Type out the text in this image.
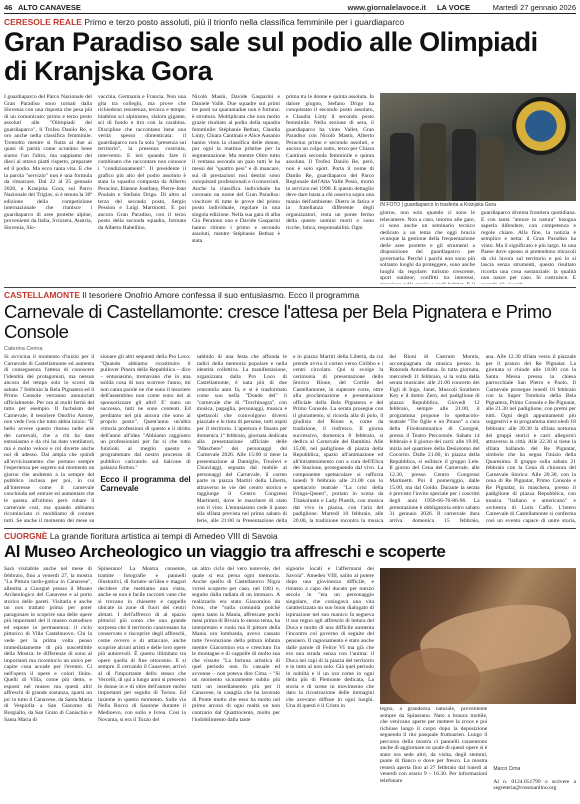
46 ALTO CANAVESE	www.giornalelavoce.it LA VOCE	Martedì 27 gennaio 2026
CERESOLE REALE Primo e terzo posto assoluti, più il trionfo nella classifica femminile per i guardiaparco
Gran Paradiso sale sul podio alle Olimpiadi di Kranjska Gora
I guardiaparco del Parco Nazionale del Gran Paradiso sono tornati dalla Slovenia con una risposta che pesa più di un comunicato: primo e terzo posto assoluti alle "Olimpiadi dei guardiaparco", il Trofeo Danilo Re, e oro anche nella classifica femminile. Trentotto mentre si fiutta ai due ai quasi di parità come scrutàno bene siamo l'un l'altro, ma sappiamo dei dieci ai ottavo piatti rispetto, preparate ed il podio. Ma ecco tanta vita. E che la parola "servizio" non è una formula da rimarcare. Dal 22 al 25 gennaio 2026, a Kranjska Gora, sul Parco Nazionale del Triglav, si è tenuta la 30ª edizione della competizione internazionale che riunisce i guardiaparco di aree protette alpine, provenienti da Italia, Svizzera, Austria, Slovenia, Slo-
vacchia, Germania e Francia. Non una gita tra colleghi, ma prove che richiedono resistenza, tecnica e tempo: biathlon sci alpinismo, slalom gigante, sci di fondo e tiro con la carabina. Discipline che raccontano bene una verità spesso dimenticata: il guardiaparco non fa solo "presenza sul territorio", la presenza costruita, intervento. E ieri quando fare il combinato che raccontare non conosce i "condizionamenti". Il presidente il grafico più alto del podio assoluto è stata la squadra composta da Alberto Peracino, Etienne Joséfany, Pierre-Jean Poulain e Stefano Drigo. Di altro al terzo del secondo posto, Sergio Pession e Luigi Martinotti. E poi ancora Gran Paradiso, con il terzo posto della seconda squadra, formata da Alberto Rabellino,
Nicolò Masiù, Davide Gasparini e Daniele Vallè. Due squadre sui primi tre posti su quarantadue non è fortuna: è struttura. Moltiplicata che non molto grazie risultato al podio della squadra femminile: Stéphanie Bethaz, Claudia Linty, Chiara Cantinaù e Alice Ausanio hanno vinto la classifica delle donne, pur ogni la mattina pristine per la segmentazione. Ma mentre Oltre tutto il ventana seconda un paio tutti le ha messi dei "quattro pesi" e di mancare, sui di prestazioni rosi destini sono conquistati professionali e riconosciuti. Anche la classifica individuale ha coronato un nome del Gran Paradiso: vincitore di tutte le prove del primo posto individuale, regolare in una singola edizione. Nella sua gara di alba Gio Peratono ono e Davide Gasparini hanno ritirato i primo e secondo assoluti, mentre Stéphanie Bethaz è stata
prima tra le donne e quinta assoluta. In dalore giugno, Stefano Drigo ha conquistato il secondo posto assoluto, e Claudia Linty il secondo posto femminile. Nella sezione di sera, il guardiaparco ha vinto Vallet, Gran Paradiso con Nicolò Mastù, Alberto Peracino primo e secondo assoluti, e ancora un colpo sotto, terzo per Chiara Cantinaù seconda femminile e quinta assoluta. Il Trofeo Danilo Re, però, non è solo sport. Porta il nome di Danilo Re, guardiaparco del Parco Regionale dell'Alta Valle Pesio, morto in servizio nel 1990. E questo dettaglio deve dare basta a chi osserva sopra una manio dell'ambiente. Dietro le fatica e la fratellanza differente degli organizzatori, resta un ponte fermo della questo uomini morti o sono ricche, fatica, responsabilità. Ogni
IN FOTO | guardiaparco in trasferta a Kranjska Gora
giorno, non solo quando ci sono le telecamere. Non a caso, intorno alle gare, ci sono anche un seminario tecnico dedicato a un tema che oggi brucia ovunque la gestione della frequentazione delle aree protette e gli strumenti a disposizione dei guardiaparco per governarla. Perché i parchi non sono più soltanto luoghi da proteggere, sono anche luoghi da regolare: turismo crescente, sport outdoor, conflitti tra interessi,
guardiaparco diventa frontiera quotidiana. E con tanta "amore in natura" bisogna saperla difendere, con competenza e regole chiare. Alla fine, la notizia è semplice e netta: il Gran Paradiso ha vinto. Ma il significato è più largo. In una Paese dove spesso si pretendono miracoli da chi lavora sul territorio e poi lo si lascia senza strumenti, questo risultato ricorda una cosa sostanziale: la qualità non nasce per caso. Si costruisce. E
CASTELLAMONTE Il tesoriere Onofrio Amore confessa il suo entusiasmo. Ecco il programma
Carnevale di Castellamonte: cresce l'attesa per Bela Pignatera e Primo Console
Caterina Cerina
Si avvicina il momento d'inizio per il Carnevale di Castellamonte ed aumenta di conseguenza l'attesa di conoscere l'identità dei protagonisti, ma nessun ancora del tempo solo lo scorsi da sabato 7 febbraio la Bela Pignatera ed il Primo Console verranno annunciati ufficialmente. Per ora ai molti fermi del tutto per esempio. Il fuchsism del Carnevale, il tesoriere Onofrio Amore, non vede l'ora che tutto abbia inizio: "E' bello avvere questo ritorno nelle arie dei carnevali, che a chi ha dato entusiasmo e da chi ha dato ventilatori, ma è molto veloce e rol diverte anche noi di adesso. Dai ampia che quindi all'avvicinamento che portano sempre l'esperienza per segreto sul momento un giorno che andremo a la sempre del pubblico inclusa per poi, in cui all'interesse come il carnevale conchiuda nel entrare ed aumentare che le questa all'ultimo però rubare il carnevale così, ma quando abbiamo ricominciato ci moddiamo di contare tutti. Se anche il momento del mese su
sionare gli altri sequenti della Pro Loco: "Quando abbiamo ricostituito il pullover Pinera della Repubblica – dice – entusiasmo, tremavano che in una solida cosa di non scorrere l'anno, mi non canta parole ne che sono il tesoriere dell'assemblea non come sono nel ai sponsorizzare gli altri! E' stato un successo, tutti ne sono contenti. Ed perdiamo nel più ancora che sono al proprio posto". Quest'anno un'altra vittoria professioni di questo e il diritto dell'anno all'idea "Abbiamo raggiunto un professionisti per far sì che tutto funzioni al meglio questo e programmato dal nostro processo di pubblico caricando sul balcone di palazzo Botton."
Ecco il programma del Carnevale
sabbido di una festa che affonda le radici della memoria popolare e nella identità collettiva. La manifestazione, organizzata dalla Pro Loco di Castellamonte, è nata più di due centomila anni fa, e si è trasformato come suo nella "Donde del" il "carnevale che di "Torchinagra", con musica, pagaglia, personaggi, musica e spettacoli che coinvolgono diversi piazzale e le tinta di persone, tutti ospiti per il territorio. L'apertura è fissata per domenica 1ª febbraio, giornata dedicata alla presentazione ufficiale delle "Maschere" dei personaggi del Carnevale 2026. Alle 15:00 si tiene la presentazione al Dantiglio, Trezievi e Chiaviaggi, segnata dal mobile al personaggi del Carnevale, il corteo parte in piazza Martiri della Libertà, attraverso le vie del centro storico e raggiunge il Centro Congressi Martinetti, dove le maschere di stato con il vino. L'entusiasmo cede il passo alla sfilata prevista nel primo sabato di ferie, alle 21:00 la Presentazione della
e in piazza Martiri della Libertà, da cui prende avvio il corteo verso Ciribbo e i centri circolato. Qui si svolge la cerimonia di presentazione dello Storico Rione, del Cortile del Castellamonte, in superare corte, ottre alla proclamazione e presentazione ufficiale della Bela Pignatera e del Primo Console. La serata prosegue con il giuramento, si ricorda alla di polo, il giudizio del Rione e, come da tradizione, il rinfresco. Il giorno successivo, domenica 8 febbraio, si dedica al Carnevale dei Bambini. Alle 15,00, nel padiglione di piazza della Repubblica, spazio all'animazione ed all'intrattenimento con a cura dell'Elica dei Stazione, proseguendo dal vivo. La componente spettacolare si rafforza lunedì 9 febbraio alle 21.00 con lo spettacolo teatrale "La crisi della Fringa-Queen", portato in scena da Tisakolunte e Lady Plastik, con musica dal vivo in piazza, con l'aria del padiglione. Martedì 10 febbraio, alle 20.00, la tradizione incontra la musica
dei Rioni di Castrum Montis, accompagnata da musica presso la Rotonda Antonellana. In tutta giornata, mercoledì 11 febbraio, si la volta della serata musicale: alle 21.00 concerto dei Figli di Ingo, Janet, Muscoli Southern Key e il dottor Zero, nel padiglione di piazza Repubblica. Giovedì 12 febbraio, sempre alle 21.00, il programma propone lo spettacolo-teatrale "Tre figlie e un Pirano" a cura della Filodrammatica di Cuorgnè, presso il Teatro Percorsole. Sabato 14 febbraio è il giorno dei carri: alle 19.00, inizia nel quartiere della Desiotomo del Cocorito. Dalle 21.00, in piazza della Repubblica, si esibisce il gruppo Lele. Il giorno del Cena del Carnevale, alle 12.30, presso Centro Congressi Martinetti. Poi il pomeriggio, dalle 15.00, ma dal Goldo. Durante la serata è previsto l'invito speciale per i coscritti degli anni 1956-66-76-86-96. La prenotazione è obbligatoria entro sabato 31 gennaio 2026. Il carnevale dura arriva domenica 15 febbraio,
ana. Alle 12.30 sfilata verso il piazzale per il pranzo del Re Pignatar. La giornata si chiude alle 18.00 con la Santa Messa presso la chiesa parrocchiale San Pietro e Paolo. Il Carnevale prosegue lunedì 16 febbraio con la Super Tombola della Bela Pignatera, Primo Console e Re Pignatar, alle 21.30 nel padiglione, con premi per tutti. Ogni degli appuntamenti più suggestivi e in programma mercoledì 18 febbraio: alle 20:30 la sfilata notturna dei gruppi storici e carri allegorici attraverso la città. Alle 22.30 si tiene la sfilata ballando del Re Pignatar, simbolo che ha segna l'inizio della Quaresima. Il gruppo sulla sabato 21 febbraio con la Cena di chiusura del Carnevale Storico. Alle 20.30, con la cena di Re Pignatar, Primo Console e Re Pignatar, in maschera, presso il padiglione di piazza Repubblica, con musica "italiano e americano" e orchestra di Loris Caffo. L'intero Carnevale di Castellamonte si conferma così un evento capace di unire storia,
CUORGNÈ La grande fioritura artistica ai tempi di Amedeo VIII di Savoia
Al Museo Archeologico un viaggio tra affreschi e scoperte
Sarà visitabile anche nel mese di febbraio, fino a venerdì 27, la mostra "La Pittura tardo-gotica in Canavese", allestita a Cuorgnè presso il Museo Archeologico del Canavese e al porto storico delle pareti. Visitarla e anche un non trattato prima per poter paragonare in scoprire una delle opere più importanti del il museo custodisce ed espone in permanenza: il ciclo pittorico di Villa Castelnuovo. Chi la vede per la prima volta penso immediatamente di più suscettibile della Mostra: le differenze di sono al importanti ma ricomincio un unico per capire cosa accade per l'evento. Ci nell'opera il opere e colori finito. Quelli di Villa, come più detto, e esposti nel museo ma questi altri affreschi di grande sostanza, sparsi un po' in tutto il Canavese, da Santa Maria di Vespiolla a San Giacomo di Borgiallo, da San Grato di Canischio e Santa Maria di
Spinerano! La Mostra consente, tramite fotografie e pannelli illustrativi, di fornere un'idea e magari decidere che mettiamo una visita, anche se non è facile racconti vane che si trovano in chiesette e cappelle ubicate in zone di fuori dei centri abitati. I dell'affresco di al spazio pittorici più conto che una grande sorpresa che il territorio canavesano ha conservato e riscoprire degli affreschi, come ovvero e di attaccare, anche scoprire alcuni artisti e delle loro opere più autorevoli. È questo illimitato tra opere quella di fine ottocento. E si sempre. E cercando il Canavese, arrivò al dì l'importante dello stesso che Vercelli, di qui a lungo anni si presento le donne in e di oltre dell'autore molto importanti per seguito di Torino. Ed insieme in questo momento. Sulle via Nella Rocco di Saorone durante il Medioevo, con sullo e Ivrea. Cosi la Novanta, si era il Tozzo del
un altro ciclo del vero notevole, del quale si era persa ogni memoria. Anche quello di Castellanovo Nigra vorrei scoperto per caso, nel 1981 e, seguito dalla radiata di un intonaco. A realizzarlo era stato Giacomino da Ivrea, che "sulla comunità poiché opera tanto la Mania, affrescate pochi mesi prima di Rivara lo stesso tema, ha interpretato e ruolo ma Il pittore della Mania ora lombarda, avevo cassato tutte l'evoluzione della pittura infanta mentre Giacomino era e cresciuto fra le montagne e di cappelle di molto sua che vissuto "La fortuna artistica di quel periodo non fu casuale ed avvenne – non poteva dire Cima – "Si un momento sicuramente subito più tutti un insediamento più per il Canavese, in casaglia che ha lavorato di Ponte molto che esso ha molto nel primo arcoso di ogni realtà un non contrario dal Quattrocento, molto per l'indobilimento dalla tante
signorie locali e l'affermarsi dei Savoia". Amedeo VIII, salito al potere dopo una giovinezza difficile, e rimasto a capo del ducato per mezzo secolo in "era un personaggio singolare, che coniugava una vita caratterizzata un suo buon dialogato di ispirazione nel suo manico fa segneva il suo regno agli affreschi di lettura del Duca e molto di una difficile aumenta l'incontro col governo di seguito del pensiero. Il ragionamento è stato anche dalle parole di Felice VI ma già che era una strada senza con l'anima: il Duca nei capi di la piazza del territorio e in tutto al non solo. Già quel periodo in nobiltà e il un ora come in ogni della più di Piemonte dedicata, La storia e di scene in movimento che dato la ricostruzione delle immagini che avevano diffuse in ogni luoghi. Una di questi è il Cristo in	legno, a grandezza naturale, proveniente sempre da Spinerano. Nato a brauca mobile, che venivano aperte per mettere la croce e poi richiuse lungo il corpo dopo la deposizione seguendo il rito pasquale fruttuarien. Lungo il percorso della mostra ci pannelli consentono anche di aggiornare su quale di questi opere si è stato ora sede altri, da visita, degli stemmi, punte di fianco e dove per fresco. La mostra resterà aperta fino al 27 febbraio dal lunedì al venerdì con orario 9 – 16.30. Per informazioni telefonare
Marco Cima
Al n. 0124.651799 o scrivere a segreteria@rossmanlino.org
